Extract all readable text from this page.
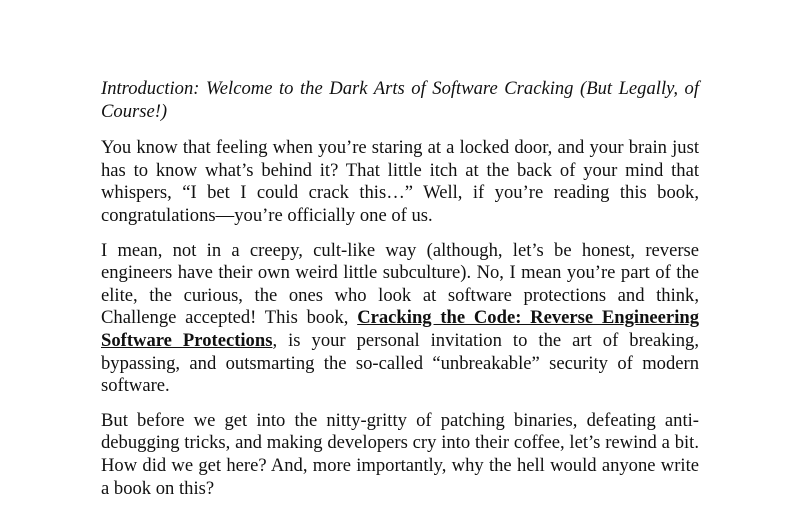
Introduction: Welcome to the Dark Arts of Software Cracking (But Legally, of Course!)

You know that feeling when you’re staring at a locked door, and your brain just has to know what’s behind it? That little itch at the back of your mind that whispers, “I bet I could crack this…” Well, if you’re reading this book, congratulations—you’re officially one of us.

I mean, not in a creepy, cult-like way (although, let’s be honest, reverse engineers have their own weird little subculture). No, I mean you’re part of the elite, the curious, the ones who look at software protections and think, Challenge accepted! This book, Cracking the Code: Reverse Engineering Software Protections, is your personal invitation to the art of breaking, bypassing, and outsmarting the so-called “unbreakable” security of modern software.

But before we get into the nitty-gritty of patching binaries, defeating anti-debugging tricks, and making developers cry into their coffee, let’s rewind a bit. How did we get here? And, more importantly, why the hell would anyone write a book on this?
